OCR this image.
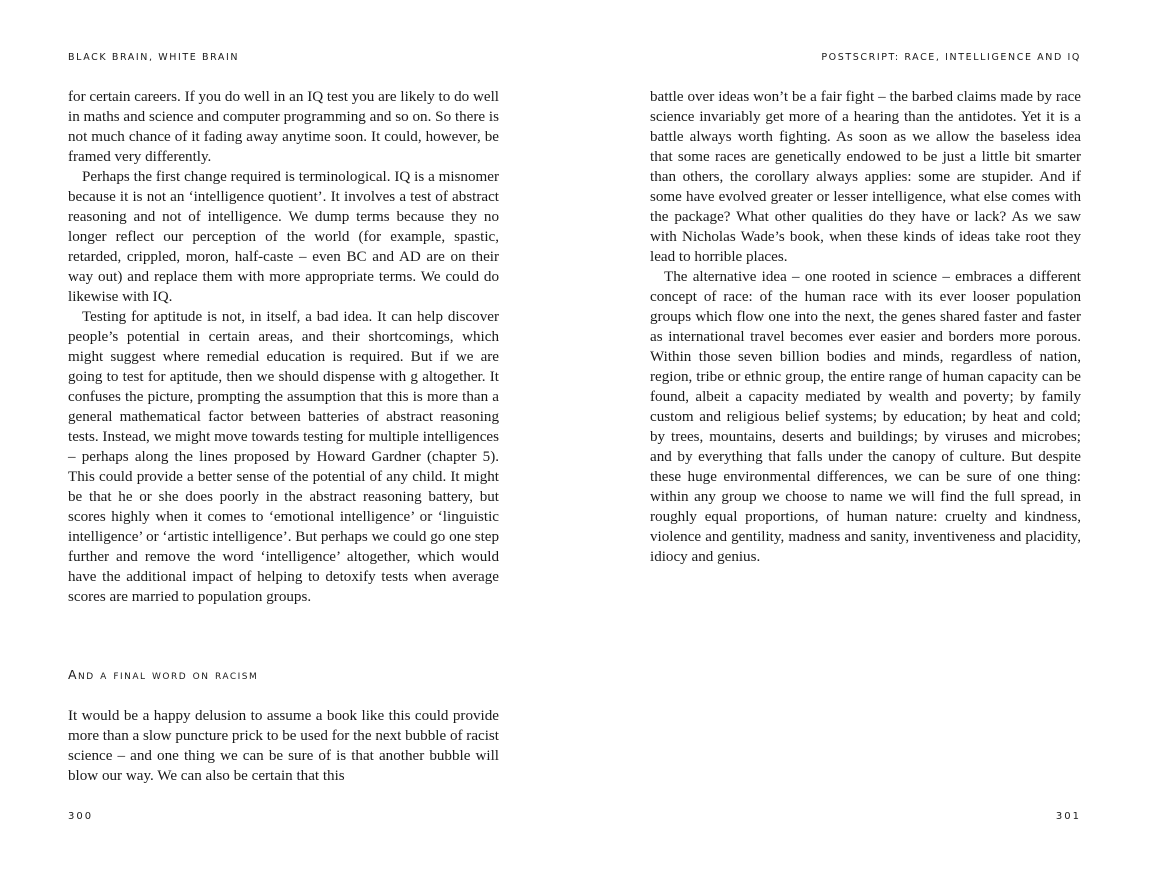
BLACK BRAIN, WHITE BRAIN

for certain careers. If you do well in an IQ test you are likely to do well in maths and science and computer programming and so on. So there is not much chance of it fading away anytime soon. It could, however, be framed very differently.

Perhaps the first change required is terminological. IQ is a misnomer because it is not an ‘intelligence quotient’. It involves a test of abstract reasoning and not of intelligence. We dump terms because they no longer reflect our perception of the world (for example, spastic, retarded, crippled, moron, half-caste – even BC and AD are on their way out) and replace them with more appropriate terms. We could do likewise with IQ.

Testing for aptitude is not, in itself, a bad idea. It can help discover people’s potential in certain areas, and their shortcomings, which might suggest where remedial education is required. But if we are going to test for aptitude, then we should dispense with g altogether. It confuses the picture, prompting the assumption that this is more than a general mathematical factor between batteries of abstract reasoning tests. Instead, we might move towards testing for multiple intelligences – perhaps along the lines proposed by Howard Gardner (chapter 5). This could provide a better sense of the potential of any child. It might be that he or she does poorly in the abstract reasoning battery, but scores highly when it comes to ‘emotional intelligence’ or ‘linguistic intelligence’ or ‘artistic intelligence’. But perhaps we could go one step further and remove the word ‘intelligence’ altogether, which would have the additional impact of helping to detoxify tests when average scores are married to population groups.

And a final word on racism

It would be a happy delusion to assume a book like this could provide more than a slow puncture prick to be used for the next bubble of racist science – and one thing we can be sure of is that another bubble will blow our way. We can also be certain that this

300
POSTSCRIPT: RACE, INTELLIGENCE AND IQ

battle over ideas won’t be a fair fight – the barbed claims made by race science invariably get more of a hearing than the antidotes. Yet it is a battle always worth fighting. As soon as we allow the baseless idea that some races are genetically endowed to be just a little bit smarter than others, the corollary always applies: some are stupider. And if some have evolved greater or lesser intelligence, what else comes with the package? What other qualities do they have or lack? As we saw with Nicholas Wade’s book, when these kinds of ideas take root they lead to horrible places.

The alternative idea – one rooted in science – embraces a different concept of race: of the human race with its ever looser population groups which flow one into the next, the genes shared faster and faster as international travel becomes ever easier and borders more porous. Within those seven billion bodies and minds, regardless of nation, region, tribe or ethnic group, the entire range of human capacity can be found, albeit a capacity mediated by wealth and poverty; by family custom and religious belief systems; by education; by heat and cold; by trees, mountains, deserts and buildings; by viruses and microbes; and by everything that falls under the canopy of culture. But despite these huge environmental differences, we can be sure of one thing: within any group we choose to name we will find the full spread, in roughly equal proportions, of human nature: cruelty and kindness, violence and gentility, madness and sanity, inventiveness and placidity, idiocy and genius.

301
